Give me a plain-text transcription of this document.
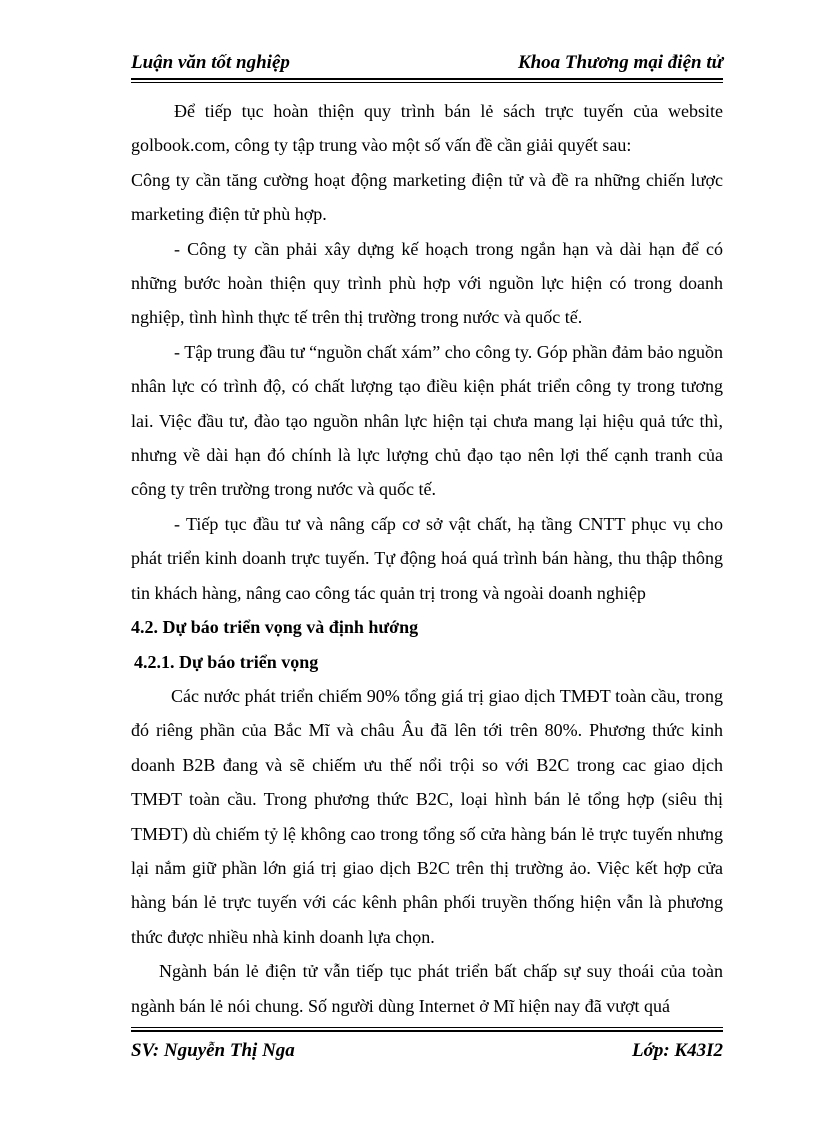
Luận văn tốt nghiệp	Khoa Thương mại điện tử

Để tiếp tục hoàn thiện quy trình bán lẻ sách trực tuyến của website golbook.com, công ty tập trung vào một số vấn đề cần giải quyết sau:

Công ty cần tăng cường hoạt động marketing điện tử và đề ra những chiến lược marketing điện tử phù hợp.

- Công ty cần phải xây dựng kế hoạch trong ngắn hạn và dài hạn để có những bước hoàn thiện quy trình phù hợp với nguồn lực hiện có trong doanh nghiệp, tình hình thực tế trên thị trường trong nước và quốc tế.

- Tập trung đầu tư “nguồn chất xám” cho công ty. Góp phần đảm bảo nguồn nhân lực có trình độ, có chất lượng tạo điều kiện phát triển công ty trong tương lai. Việc đầu tư, đào tạo nguồn nhân lực hiện tại chưa mang lại hiệu quả tức thì, nhưng về dài hạn đó chính là lực lượng chủ đạo tạo nên lợi thế cạnh tranh của công ty trên trường trong nước và quốc tế.

- Tiếp tục đầu tư và nâng cấp cơ sở vật chất, hạ tầng CNTT phục vụ cho phát triển kinh doanh trực tuyến. Tự động hoá quá trình bán hàng, thu thập thông tin khách hàng, nâng cao công tác quản trị trong và ngoài doanh nghiệp

4.2. Dự báo triển vọng và định hướng

4.2.1. Dự báo triển vọng

Các nước phát triển chiếm 90% tổng giá trị giao dịch TMĐT toàn cầu, trong đó riêng phần của Bắc Mĩ và châu Âu đã lên tới trên 80%. Phương thức kinh doanh B2B đang và sẽ chiếm ưu thế nổi trội so với B2C trong cac giao dịch TMĐT toàn cầu. Trong phương thức B2C, loại hình bán lẻ tổng hợp (siêu thị TMĐT) dù chiếm tỷ lệ không cao trong tổng số cửa hàng bán lẻ trực tuyến nhưng lại nắm giữ phần lớn giá trị giao dịch B2C trên thị trường ảo. Việc kết hợp cửa hàng bán lẻ trực tuyến với các kênh phân phối truyền thống hiện vẫn là phương thức được nhiều nhà kinh doanh lựa chọn.

Ngành bán lẻ điện tử vẫn tiếp tục phát triển bất chấp sự suy thoái của toàn ngành bán lẻ nói chung. Số người dùng Internet ở Mĩ hiện nay đã vượt quá

SV: Nguyễn Thị Nga	Lớp: K43I2
